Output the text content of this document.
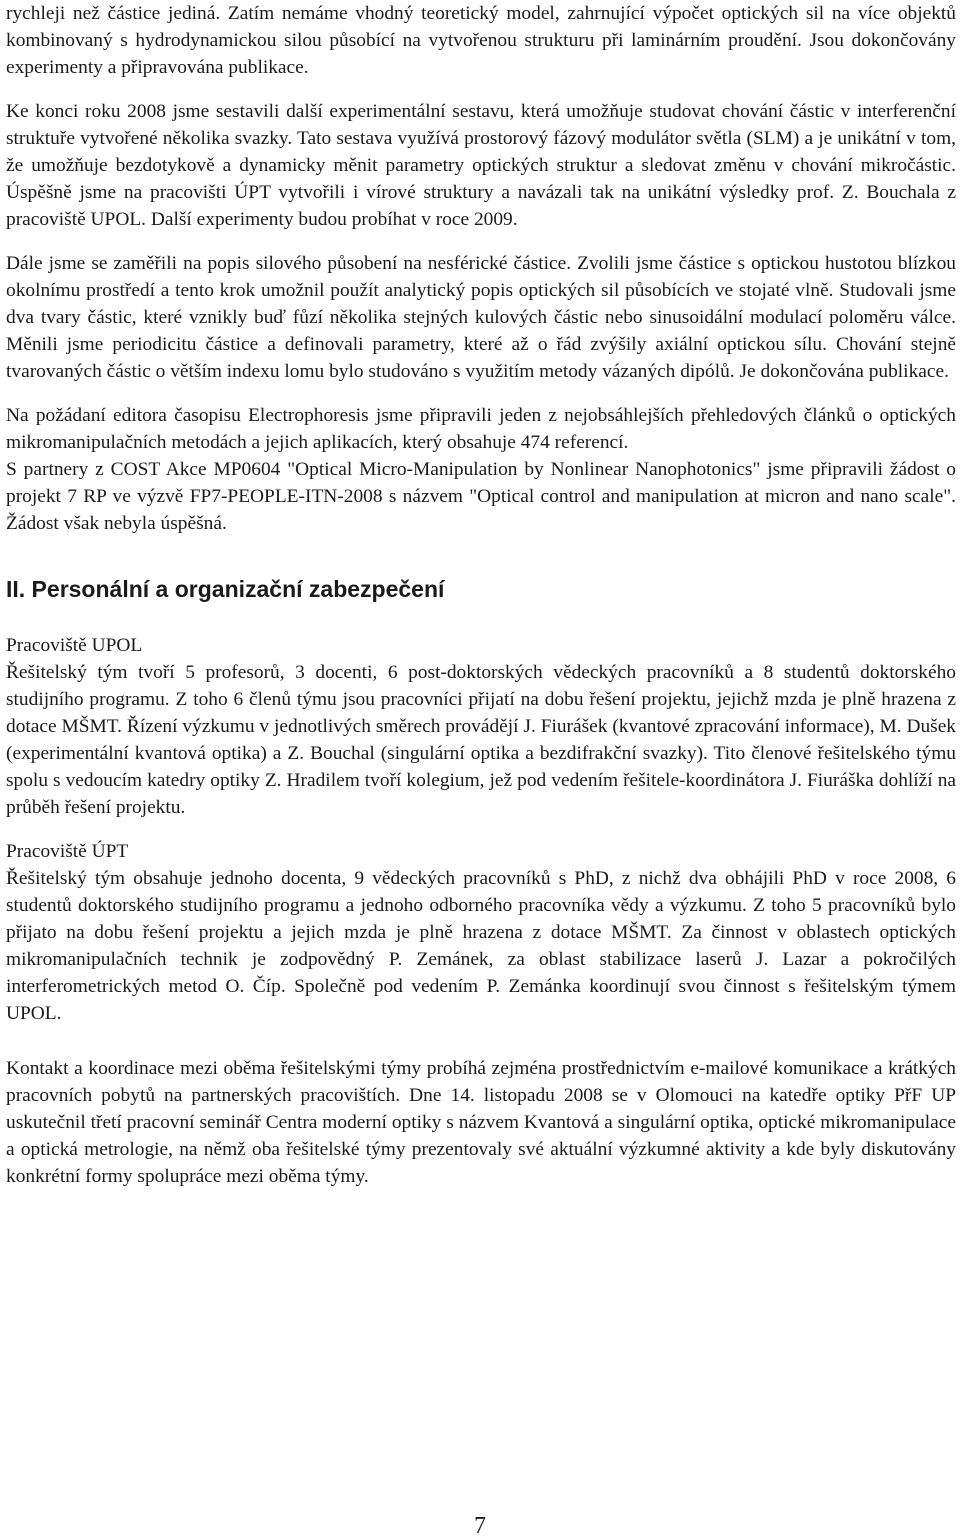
rychleji než částice jediná. Zatím nemáme vhodný teoretický model, zahrnující výpočet optických sil na více objektů kombinovaný s hydrodynamickou silou působící na vytvořenou strukturu při laminárním proudění. Jsou dokončovány experimenty a připravována publikace.

Ke konci roku 2008 jsme sestavili další experimentální sestavu, která umožňuje studovat chování částic v interferenční struktuře vytvořené několika svazky. Tato sestava využívá prostorový fázový modulátor světla (SLM) a je unikátní v tom, že umožňuje bezdotykově a dynamicky měnit parametry optických struktur a sledovat změnu v chování mikročástic. Úspěšně jsme na pracovišti ÚPT vytvořili i vírové struktury a navázali tak na unikátní výsledky prof. Z. Bouchala z pracoviště UPOL. Další experimenty budou probíhat v roce 2009.

Dále jsme se zaměřili na popis silového působení na nesférické částice. Zvolili jsme částice s optickou hustotou blízkou okolnímu prostředí a tento krok umožnil použít analytický popis optických sil působících ve stojaté vlně. Studovali jsme dva tvary částic, které vznikly buď fůzí několika stejných kulových částic nebo sinusoidální modulací poloměru válce. Měnili jsme periodicitu částice a definovali parametry, které až o řád zvýšily axiální optickou sílu. Chování stejně tvarovaných částic o větším indexu lomu bylo studováno s využitím metody vázaných dipólů. Je dokončována publikace.

Na požádaní editora časopisu Electrophoresis jsme připravili jeden z nejobsáhlejších přehledových článků o optických mikromanipulačních metodách a jejich aplikacích, který obsahuje 474 referencí.

S partnery z COST Akce MP0604 "Optical Micro-Manipulation by Nonlinear Nanophotonics" jsme připravili žádost o projekt 7 RP ve výzvě FP7-PEOPLE-ITN-2008 s názvem "Optical control and manipulation at micron and nano scale". Žádost však nebyla úspěšná.

II. Personální a organizační zabezpečení
Pracoviště UPOL

Řešitelský tým tvoří 5 profesorů, 3 docenti, 6 post-doktorských vědeckých pracovníků a 8 studentů doktorského studijního programu. Z toho 6 členů týmu jsou pracovníci přijatí na dobu řešení projektu, jejichž mzda je plně hrazena z dotace MŠMT. Řízení výzkumu v jednotlivých směrech provádějí J. Fiurášek (kvantové zpracování informace), M. Dušek (experimentální kvantová optika) a Z. Bouchal (singulární optika a bezdifrakční svazky). Tito členové řešitelského týmu spolu s vedoucím katedry optiky Z. Hradilem tvoří kolegium, jež pod vedením řešitele-koordinátora J. Fiuráška dohlíží na průběh řešení projektu.

Pracoviště ÚPT

Řešitelský tým obsahuje jednoho docenta, 9 vědeckých pracovníků s PhD, z nichž dva obhájili PhD v roce 2008, 6 studentů doktorského studijního programu a jednoho odborného pracovníka vědy a výzkumu. Z toho 5 pracovníků bylo přijato na dobu řešení projektu a jejich mzda je plně hrazena z dotace MŠMT. Za činnost v oblastech optických mikromanipulačních technik je zodpovědný P. Zemánek, za oblast stabilizace laserů J. Lazar a pokročilých interferometrických metod O. Číp. Společně pod vedením P. Zemánka koordinují svou činnost s řešitelským týmem UPOL.

Kontakt a koordinace mezi oběma řešitelskými týmy probíhá zejména prostřednictvím e-mailové komunikace a krátkých pracovních pobytů na partnerských pracovištích. Dne 14. listopadu 2008 se v Olomouci na katedře optiky PřF UP uskutečnil třetí pracovní seminář Centra moderní optiky s názvem Kvantová a singulární optika, optické mikromanipulace a optická metrologie, na němž oba řešitelské týmy prezentovaly své aktuální výzkumné aktivity a kde byly diskutovány konkrétní formy spolupráce mezi oběma týmy.

7
